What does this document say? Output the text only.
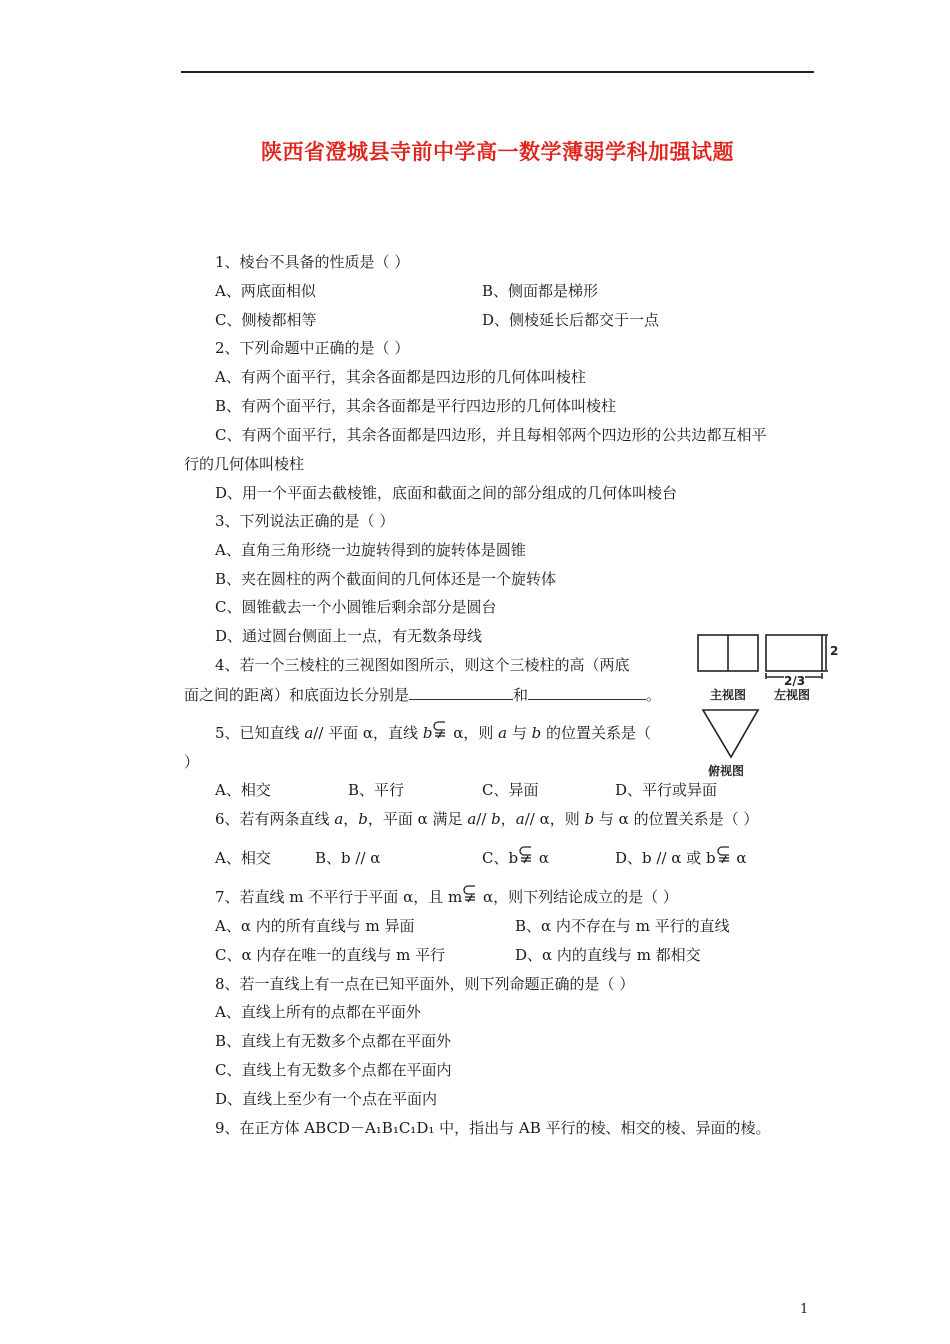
陕西省澄城县寺前中学高一数学薄弱学科加强试题
1、棱台不具备的性质是（ ）
A、两底面相似	B、侧面都是梯形
C、侧棱都相等	D、侧棱延长后都交于一点
2、下列命题中正确的是（ ）
A、有两个面平行，其余各面都是四边形的几何体叫棱柱
B、有两个面平行，其余各面都是平行四边形的几何体叫棱柱
C、有两个面平行，其余各面都是四边形，并且每相邻两个四边形的公共边都互相平
行的几何体叫棱柱
D、用一个平面去截棱锥，底面和截面之间的部分组成的几何体叫棱台
3、下列说法正确的是（ ）
A、直角三角形绕一边旋转得到的旋转体是圆锥
B、夹在圆柱的两个截面间的几何体还是一个旋转体
C、圆锥截去一个小圆锥后剩余部分是圆台
D、通过圆台侧面上一点，有无数条母线
4、若一个三棱柱的三视图如图所示，则这个三棱柱的高（两底
面之间的距离）和底面边长分别是	和	。
2
2/3
主视图 左视图
俯视图
5、已知直线 a// 平面 α，直线 b
α，则 a 与 b 的位置关系是（
）
A、相交	B、平行	C、异面	D、平行或异面
6、若有两条直线 a，b，平面 α 满足 a// b，a// α，则 b 与 α 的位置关系是（ ）
A、相交	B、b // α	C、b
α	D、b // α 或 b
α
7、若直线 m 不平行于平面 α，且 m
α，则下列结论成立的是（ ）
A、α 内的所有直线与 m 异面	B、α 内不存在与 m 平行的直线
C、α 内存在唯一的直线与 m 平行	D、α 内的直线与 m 都相交
8、若一直线上有一点在已知平面外，则下列命题正确的是（ ）
A、直线上所有的点都在平面外
B、直线上有无数多个点都在平面外
C、直线上有无数多个点都在平面内
D、直线上至少有一个点在平面内
9、在正方体 ABCD－A₁B₁C₁D₁ 中，指出与 AB 平行的棱、相交的棱、异面的棱。
1
